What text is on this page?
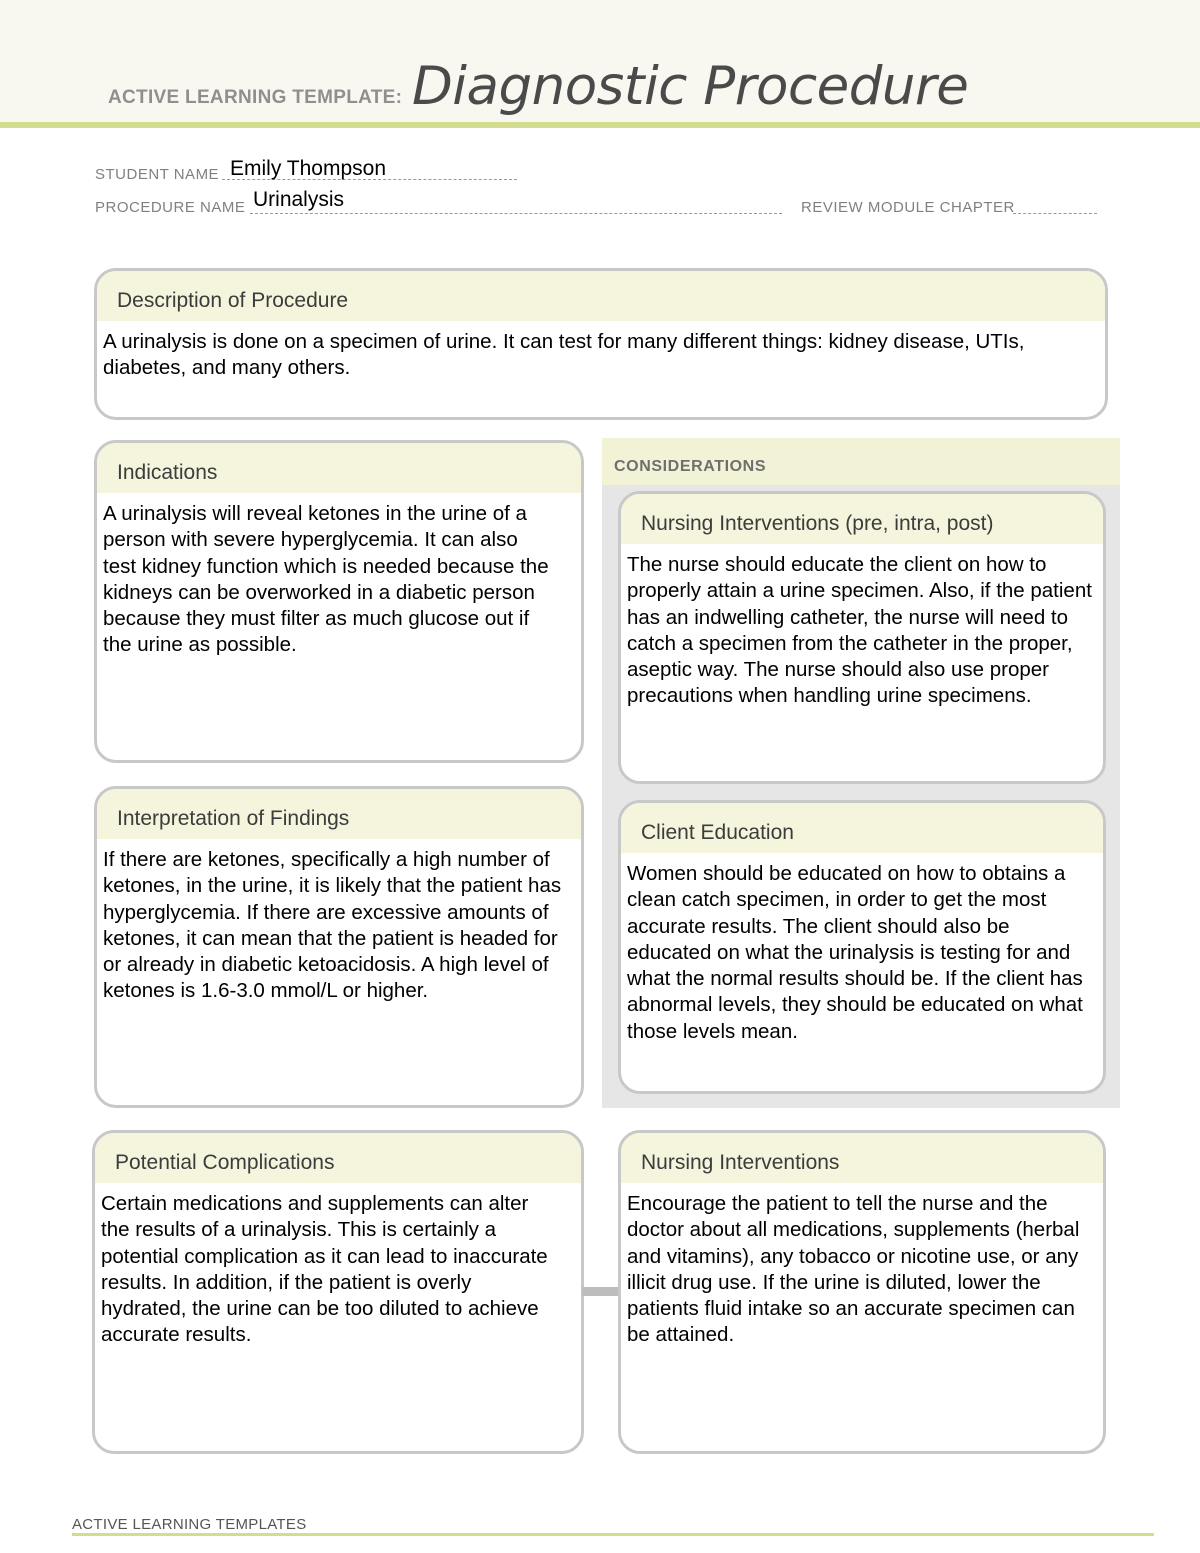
ACTIVE LEARNING TEMPLATE: Diagnostic Procedure
STUDENT NAME Emily Thompson
PROCEDURE NAME Urinalysis	REVIEW MODULE CHAPTER
Description of Procedure
A urinalysis is done on a specimen of urine. It can test for many different things: kidney disease, UTIs, diabetes, and many others.
CONSIDERATIONS
Indications
A urinalysis will reveal ketones in the urine of a person with severe hyperglycemia. It can also test kidney function which is needed because the kidneys can be overworked in a diabetic person because they must filter as much glucose out if the urine as possible.
Nursing Interventions (pre, intra, post)
The nurse should educate the client on how to properly attain a urine specimen. Also, if the patient has an indwelling catheter, the nurse will need to catch a specimen from the catheter in the proper, aseptic way. The nurse should also use proper precautions when handling urine specimens.
Interpretation of Findings
If there are ketones, specifically a high number of ketones, in the urine, it is likely that the patient has hyperglycemia. If there are excessive amounts of ketones, it can mean that the patient is headed for or already in diabetic ketoacidosis. A high level of ketones is 1.6-3.0 mmol/L or higher.
Client Education
Women should be educated on how to obtains a clean catch specimen, in order to get the most accurate results. The client should also be educated on what the urinalysis is testing for and what the normal results should be. If the client has abnormal levels, they should be educated on what those levels mean.
Potential Complications
Certain medications and supplements can alter the results of a urinalysis. This is certainly a potential complication as it can lead to inaccurate results. In addition, if the patient is overly hydrated, the urine can be too diluted to achieve accurate results.
Nursing Interventions
Encourage the patient to tell the nurse and the doctor about all medications, supplements (herbal and vitamins), any tobacco or nicotine use, or any illicit drug use. If the urine is diluted, lower the patients fluid intake so an accurate specimen can be attained.
ACTIVE LEARNING TEMPLATES
